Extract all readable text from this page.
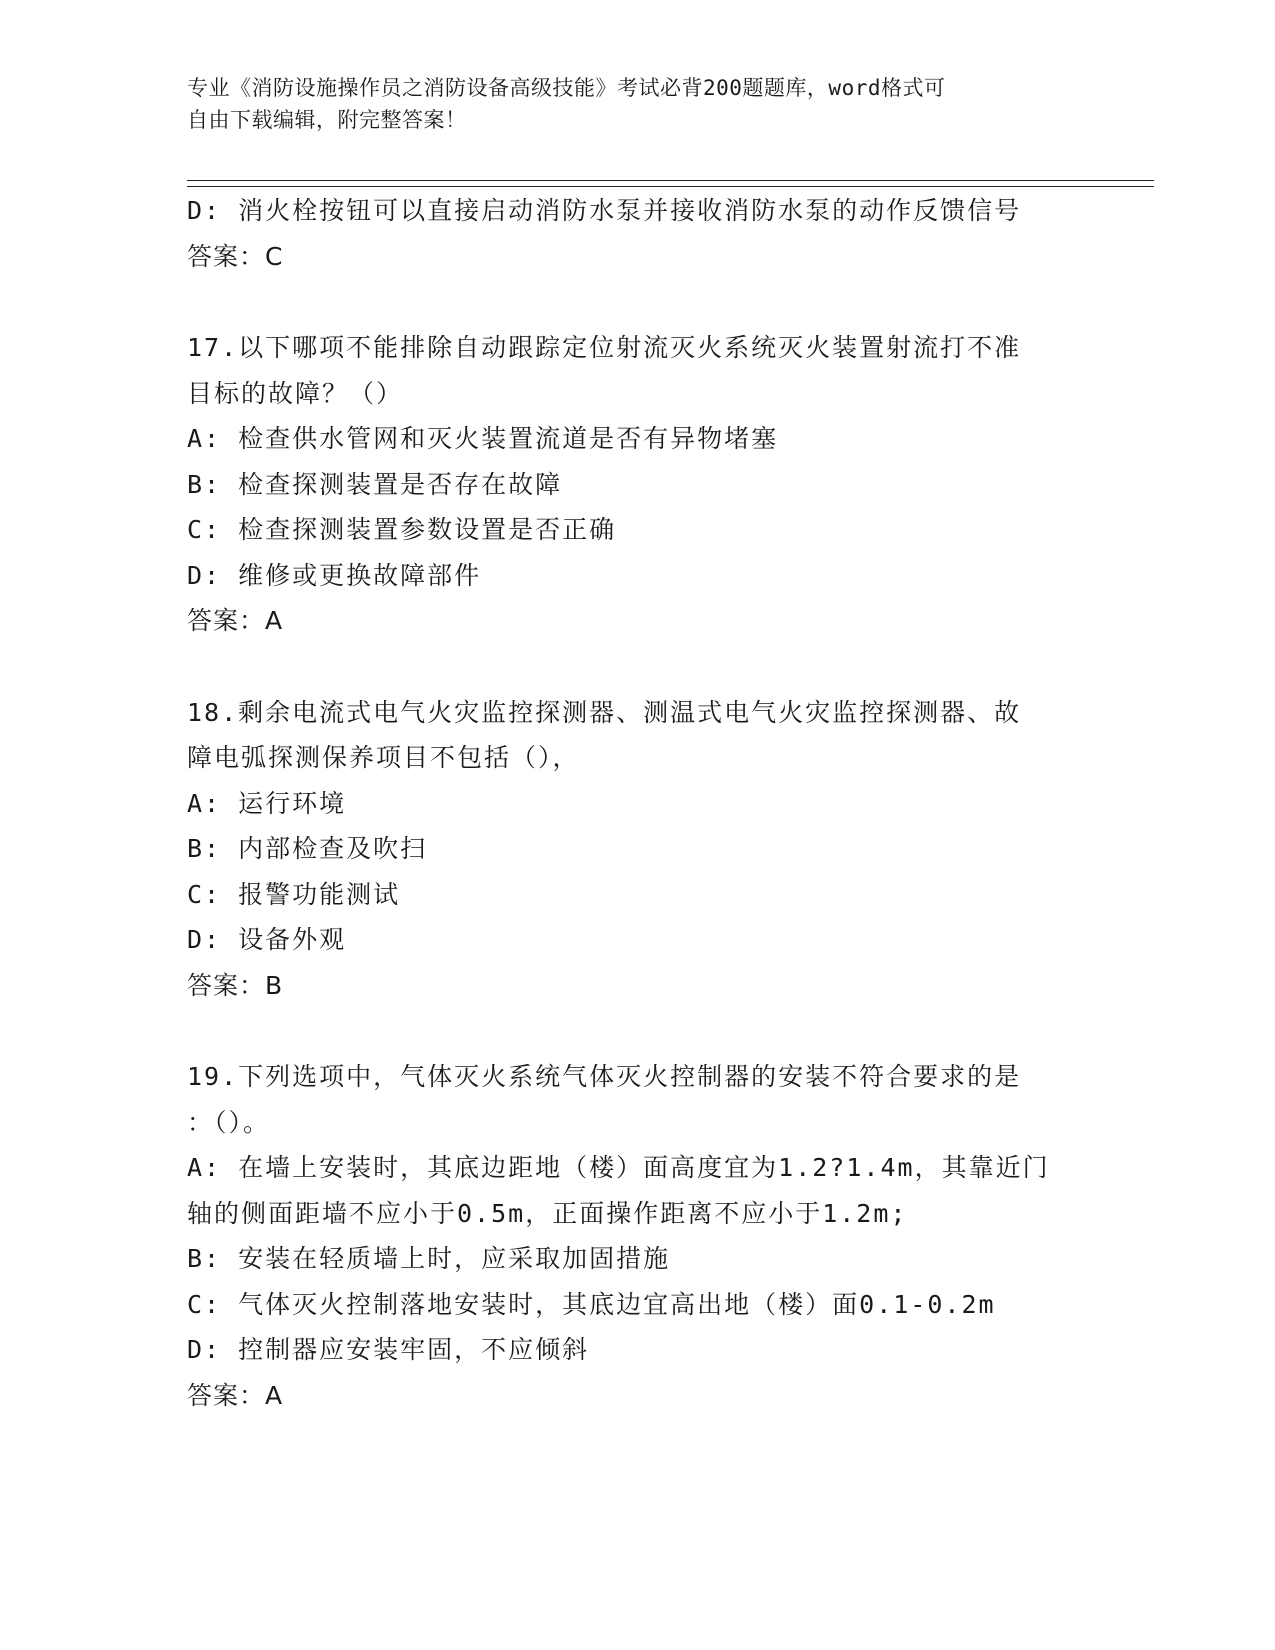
专业《消防设施操作员之消防设备高级技能》考试必背200题题库，word格式可
自由下载编辑，附完整答案！
D: 消火栓按钮可以直接启动消防水泵并接收消防水泵的动作反馈信号
答案：C
17.以下哪项不能排除自动跟踪定位射流灭火系统灭火装置射流打不准
目标的故障？（）
A: 检查供水管网和灭火装置流道是否有异物堵塞
B: 检查探测装置是否存在故障
C: 检查探测装置参数设置是否正确
D: 维修或更换故障部件
答案：A
18.剩余电流式电气火灾监控探测器、测温式电气火灾监控探测器、故
障电弧探测保养项目不包括（），
A: 运行环境
B: 内部检查及吹扫
C: 报警功能测试
D: 设备外观
答案：B
19.下列选项中，气体灭火系统气体灭火控制器的安装不符合要求的是
：（）。
A: 在墙上安装时，其底边距地（楼）面高度宜为1.2?1.4m，其靠近门
轴的侧面距墙不应小于0.5m，正面操作距离不应小于1.2m;
B: 安装在轻质墙上时，应采取加固措施
C: 气体灭火控制落地安装时，其底边宜高出地（楼）面0.1-0.2m
D: 控制器应安装牢固，不应倾斜
答案：A
